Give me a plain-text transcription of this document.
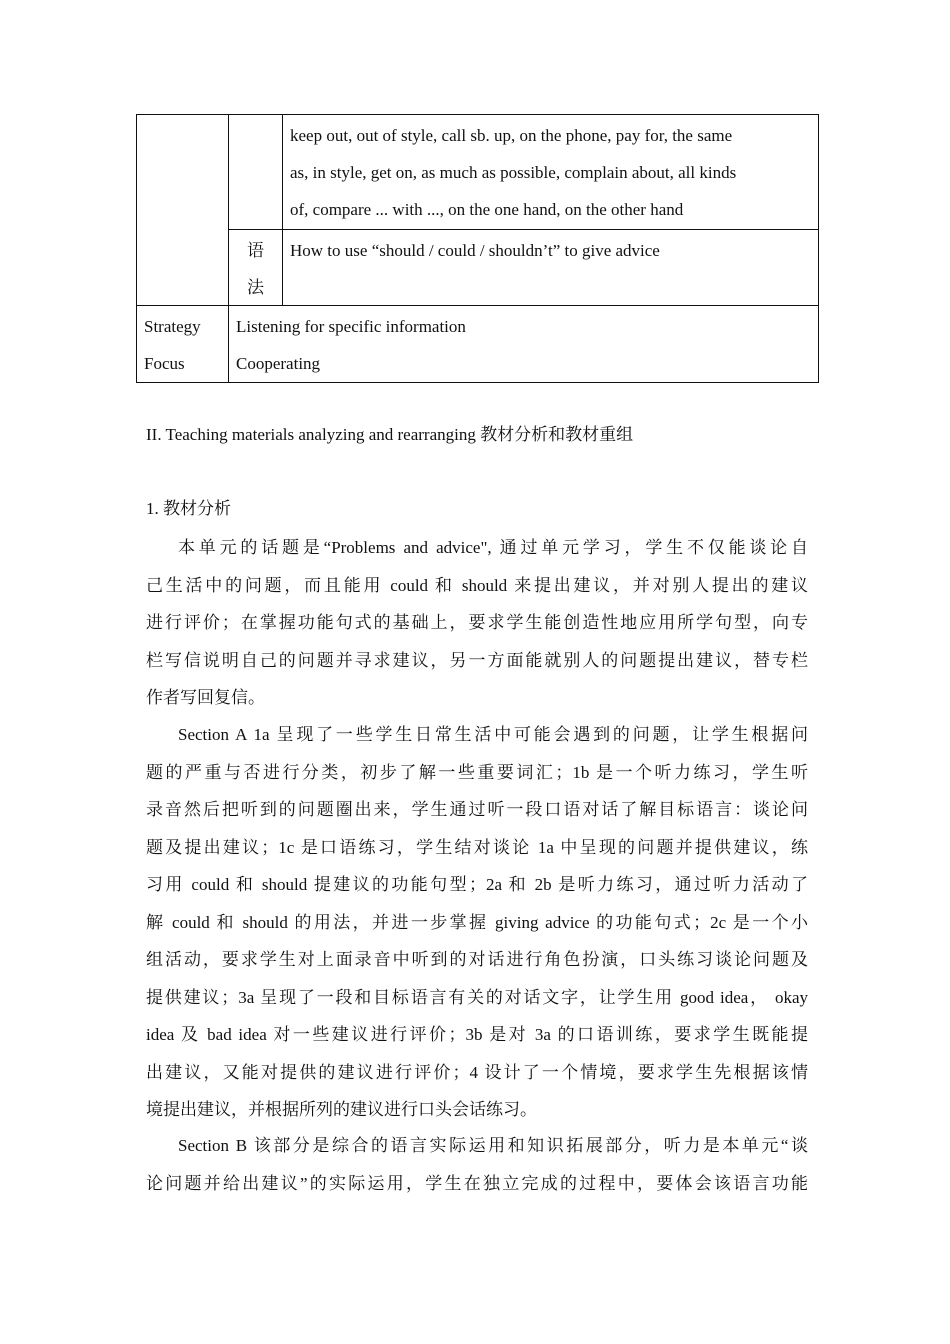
		keep out, out of style, call sb. up, on the phone, pay for, the same
as, in style, get on, as much as possible, complain about, all kinds
of, compare ... with ..., on the one hand, on the other hand

	语
法	How to use “should / could / shouldn’t” to give advice

Strategy
Focus	Listening for specific information
Cooperating	
II. Teaching materials analyzing and rearranging 教材分析和教材重组
1. 教材分析
本单元的话题是“Problems and advice", 通过单元学习，学生不仅能谈论自
己生活中的问题，而且能用 could 和 should 来提出建议，并对别人提出的建议
进行评价；在掌握功能句式的基础上，要求学生能创造性地应用所学句型，向专
栏写信说明自己的问题并寻求建议，另一方面能就别人的问题提出建议，替专栏
作者写回复信。
Section A 1a 呈现了一些学生日常生活中可能会遇到的问题，让学生根据问
题的严重与否进行分类，初步了解一些重要词汇；1b 是一个听力练习，学生听
录音然后把听到的问题圈出来，学生通过听一段口语对话了解目标语言：谈论问
题及提出建议；1c 是口语练习，学生结对谈论 1a 中呈现的问题并提供建议，练
习用 could 和 should 提建议的功能句型；2a 和 2b 是听力练习，通过听力活动了
解 could 和 should 的用法，并进一步掌握 giving advice 的功能句式；2c 是一个小
组活动，要求学生对上面录音中听到的对话进行角色扮演，口头练习谈论问题及
提供建议；3a 呈现了一段和目标语言有关的对话文字，让学生用 good idea， okay
idea 及 bad idea 对一些建议进行评价；3b 是对 3a 的口语训练，要求学生既能提
出建议，又能对提供的建议进行评价；4 设计了一个情境，要求学生先根据该情
境提出建议，并根据所列的建议进行口头会话练习。
Section B 该部分是综合的语言实际运用和知识拓展部分，听力是本单元“谈
论问题并给出建议”的实际运用，学生在独立完成的过程中，要体会该语言功能
